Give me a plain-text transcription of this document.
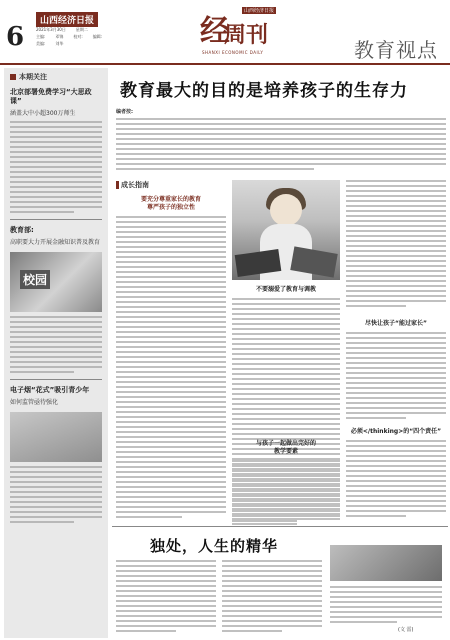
6
山西经济日报
2021年3月30日	星期二
主编:	邓锦	校对:	编辑:
美编:	刘华	经
山西经济日报
周刊
SHANXI ECONOMIC DAILY	教育视点
本期关注
北京部署免费学习“大思政课”
涵盖大中小超300万师生
教育部:
高职要大力开展金融知识普及教育
校园
电子烟“花式”吸引青少年
如何监管亟待强化
教育最大的目的是培养孩子的生存力
编者按:
成长指南
要充分尊重家长的教育
尊严孩子的独立性
不要溺爱了教育与调教
与孩子一起做出完好的
教学要素
尽快让孩子“能过家长”
必须</thinking>的“四个责任”
独处，人生的精华
(文 雷)
